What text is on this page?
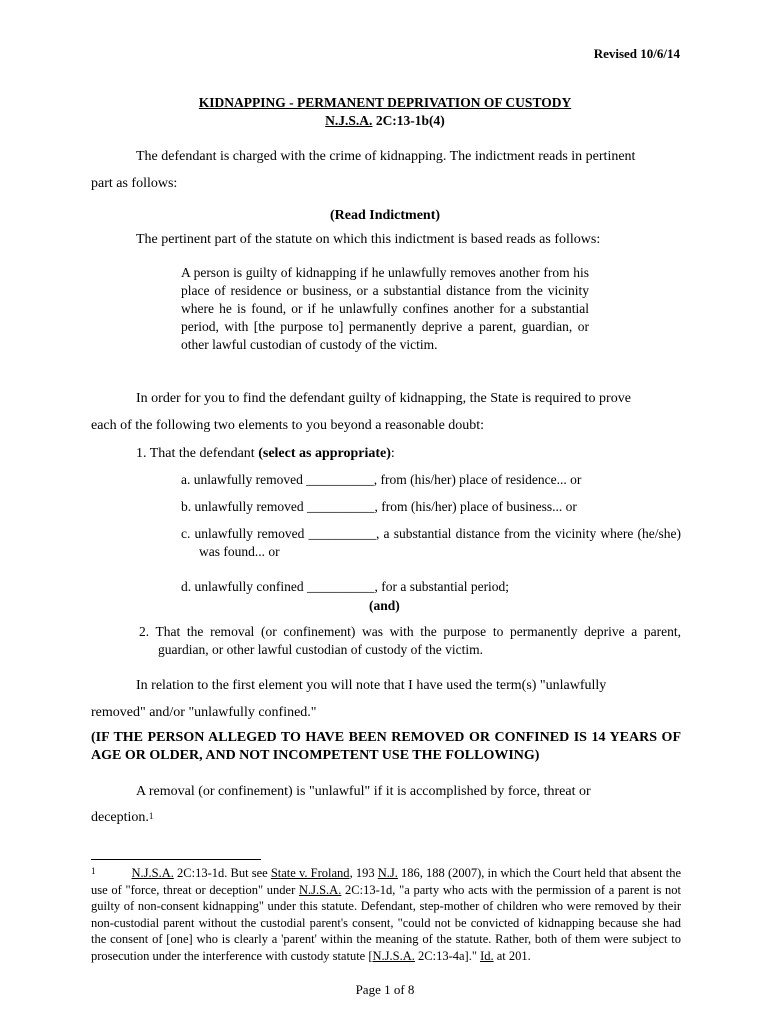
Revised 10/6/14
KIDNAPPING - PERMANENT DEPRIVATION OF CUSTODY
N.J.S.A. 2C:13-1b(4)
The defendant is charged with the crime of kidnapping. The indictment reads in pertinent
part as follows:
(Read Indictment)
The pertinent part of the statute on which this indictment is based reads as follows:
A person is guilty of kidnapping if he unlawfully removes another from his place of residence or business, or a substantial distance from the vicinity where he is found, or if he unlawfully confines another for a substantial period, with [the purpose to] permanently deprive a parent, guardian, or other lawful custodian of custody of the victim.
In order for you to find the defendant guilty of kidnapping, the State is required to prove
each of the following two elements to you beyond a reasonable doubt:
1. That the defendant (select as appropriate):
a. unlawfully removed __________, from (his/her) place of residence... or
b. unlawfully removed __________, from (his/her) place of business... or
c. unlawfully removed __________, a substantial distance from the vicinity where (he/she) was found... or
d. unlawfully confined __________, for a substantial period;
(and)
2. That the removal (or confinement) was with the purpose to permanently deprive a parent, guardian, or other lawful custodian of custody of the victim.
In relation to the first element you will note that I have used the term(s) "unlawfully
removed" and/or "unlawfully confined."
(IF THE PERSON ALLEGED TO HAVE BEEN REMOVED OR CONFINED IS 14 YEARS OF AGE OR OLDER, AND NOT INCOMPETENT USE THE FOLLOWING)
A removal (or confinement) is "unlawful" if it is accomplished by force, threat or
deception.$^1$
$^1$	N.J.S.A. 2C:13-1d. But see State v. Froland, 193 N.J. 186, 188 (2007), in which the Court held that absent the use of "force, threat or deception" under N.J.S.A. 2C:13-1d, "a party who acts with the permission of a parent is not guilty of non-consent kidnapping" under this statute. Defendant, step-mother of children who were removed by their non-custodial parent without the custodial parent's consent, "could not be convicted of kidnapping because she had the consent of [one] who is clearly a 'parent' within the meaning of the statute. Rather, both of them were subject to prosecution under the interference with custody statute [N.J.S.A. 2C:13-4a]." Id. at 201.
Page 1 of 8
